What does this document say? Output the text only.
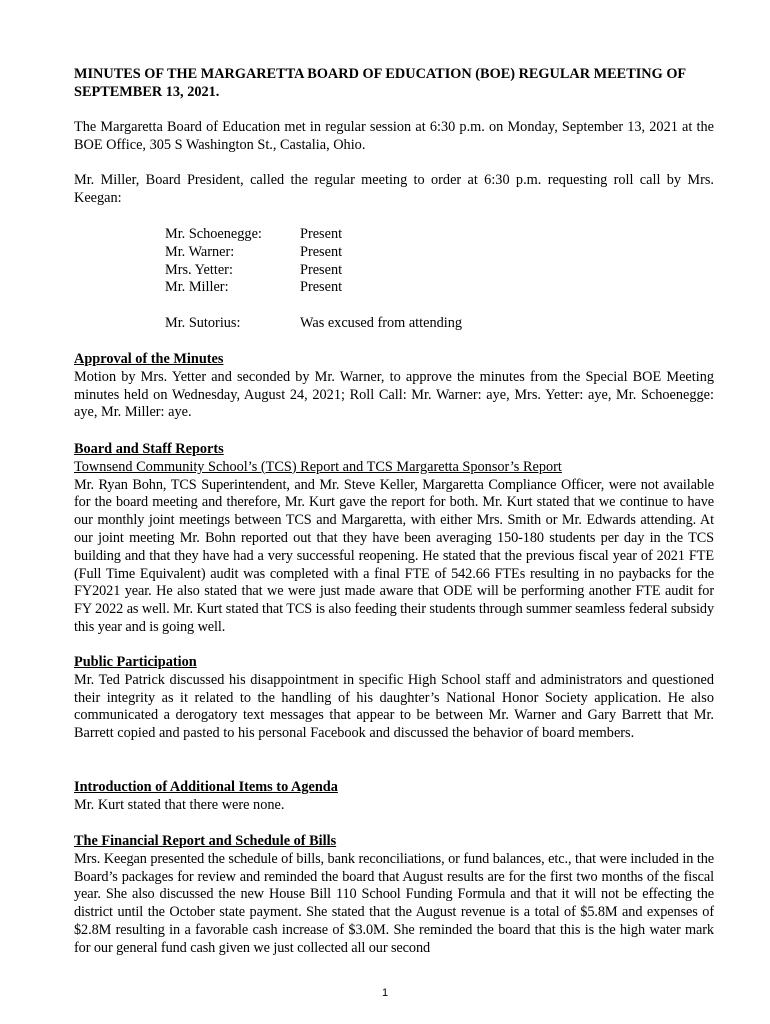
MINUTES OF THE MARGARETTA BOARD OF EDUCATION (BOE) REGULAR MEETING OF SEPTEMBER 13, 2021.
The Margaretta Board of Education met in regular session at 6:30 p.m. on Monday, September 13, 2021 at the BOE Office, 305 S Washington St., Castalia, Ohio.
Mr. Miller, Board President, called the regular meeting to order at 6:30 p.m. requesting roll call by Mrs. Keegan:
Mr. Schoenegge:	Present
Mr. Warner:	Present
Mrs. Yetter:	Present
Mr. Miller:	Present
Mr. Sutorius:	Was excused from attending
Approval of the Minutes
Motion by Mrs. Yetter and seconded by Mr. Warner, to approve the minutes from the Special BOE Meeting minutes held on Wednesday, August 24, 2021; Roll Call: Mr. Warner: aye, Mrs. Yetter: aye, Mr. Schoenegge: aye, Mr. Miller: aye.
Board and Staff Reports
Townsend Community School’s (TCS) Report and TCS Margaretta Sponsor’s Report
Mr. Ryan Bohn, TCS Superintendent, and Mr. Steve Keller, Margaretta Compliance Officer, were not available for the board meeting and therefore, Mr. Kurt gave the report for both. Mr. Kurt stated that we continue to have our monthly joint meetings between TCS and Margaretta, with either Mrs. Smith or Mr. Edwards attending. At our joint meeting Mr. Bohn reported out that they have been averaging 150-180 students per day in the TCS building and that they have had a very successful reopening. He stated that the previous fiscal year of 2021 FTE (Full Time Equivalent) audit was completed with a final FTE of 542.66 FTEs resulting in no paybacks for the FY2021 year. He also stated that we were just made aware that ODE will be performing another FTE audit for FY 2022 as well. Mr. Kurt stated that TCS is also feeding their students through summer seamless federal subsidy this year and is going well.
Public Participation
Mr. Ted Patrick discussed his disappointment in specific High School staff and administrators and questioned their integrity as it related to the handling of his daughter’s National Honor Society application. He also communicated a derogatory text messages that appear to be between Mr. Warner and Gary Barrett that Mr. Barrett copied and pasted to his personal Facebook and discussed the behavior of board members.
Introduction of Additional Items to Agenda
Mr. Kurt stated that there were none.
The Financial Report and Schedule of Bills
Mrs. Keegan presented the schedule of bills, bank reconciliations, or fund balances, etc., that were included in the Board’s packages for review and reminded the board that August results are for the first two months of the fiscal year. She also discussed the new House Bill 110 School Funding Formula and that it will not be effecting the district until the October state payment. She stated that the August revenue is a total of $5.8M and expenses of $2.8M resulting in a favorable cash increase of $3.0M. She reminded the board that this is the high water mark for our general fund cash given we just collected all our second
1
